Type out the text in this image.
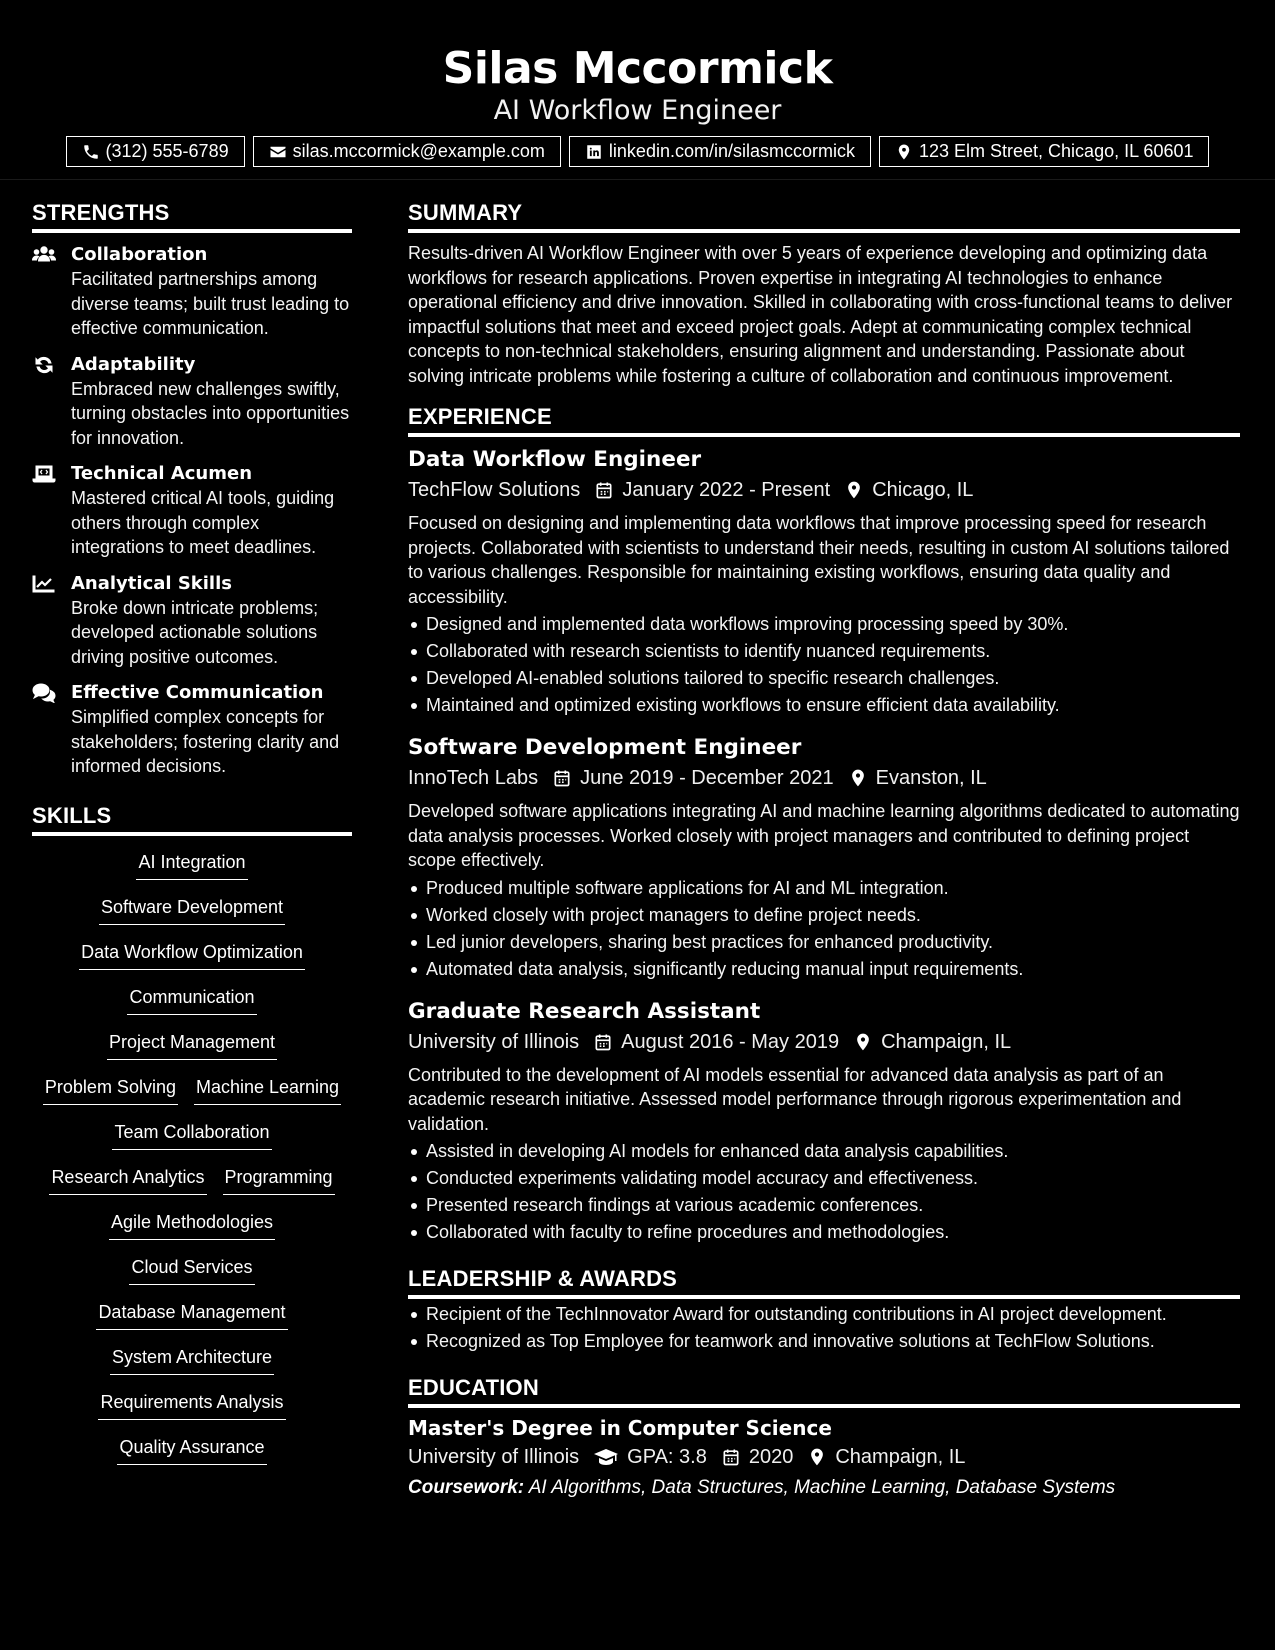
Silas Mccormick
AI Workflow Engineer
(312) 555-6789	silas.mccormick@example.com	linkedin.com/in/silasmccormick	123 Elm Street, Chicago, IL 60601
STRENGTHS
Collaboration
Facilitated partnerships among diverse teams; built trust leading to effective communication.
Adaptability
Embraced new challenges swiftly, turning obstacles into opportunities for innovation.
Technical Acumen
Mastered critical AI tools, guiding others through complex integrations to meet deadlines.
Analytical Skills
Broke down intricate problems; developed actionable solutions driving positive outcomes.
Effective Communication
Simplified complex concepts for stakeholders; fostering clarity and informed decisions.
SKILLS
AI Integration
Software Development
Data Workflow Optimization
Communication
Project Management
Problem Solving Machine Learning
Team Collaboration
Research Analytics Programming
Agile Methodologies
Cloud Services
Database Management
System Architecture
Requirements Analysis
Quality Assurance
SUMMARY
Results-driven AI Workflow Engineer with over 5 years of experience developing and optimizing data workflows for research applications. Proven expertise in integrating AI technologies to enhance operational efficiency and drive innovation. Skilled in collaborating with cross-functional teams to deliver impactful solutions that meet and exceed project goals. Adept at communicating complex technical concepts to non-technical stakeholders, ensuring alignment and understanding. Passionate about solving intricate problems while fostering a culture of collaboration and continuous improvement.
EXPERIENCE
Data Workflow Engineer
TechFlow Solutions January 2022 - Present Chicago, IL
Focused on designing and implementing data workflows that improve processing speed for research projects. Collaborated with scientists to understand their needs, resulting in custom AI solutions tailored to various challenges. Responsible for maintaining existing workflows, ensuring data quality and accessibility.
Designed and implemented data workflows improving processing speed by 30%.
Collaborated with research scientists to identify nuanced requirements.
Developed AI-enabled solutions tailored to specific research challenges.
Maintained and optimized existing workflows to ensure efficient data availability.
Software Development Engineer
InnoTech Labs June 2019 - December 2021 Evanston, IL
Developed software applications integrating AI and machine learning algorithms dedicated to automating data analysis processes. Worked closely with project managers and contributed to defining project scope effectively.
Produced multiple software applications for AI and ML integration.
Worked closely with project managers to define project needs.
Led junior developers, sharing best practices for enhanced productivity.
Automated data analysis, significantly reducing manual input requirements.
Graduate Research Assistant
University of Illinois August 2016 - May 2019 Champaign, IL
Contributed to the development of AI models essential for advanced data analysis as part of an academic research initiative. Assessed model performance through rigorous experimentation and validation.
Assisted in developing AI models for enhanced data analysis capabilities.
Conducted experiments validating model accuracy and effectiveness.
Presented research findings at various academic conferences.
Collaborated with faculty to refine procedures and methodologies.
LEADERSHIP & AWARDS
Recipient of the TechInnovator Award for outstanding contributions in AI project development.
Recognized as Top Employee for teamwork and innovative solutions at TechFlow Solutions.
EDUCATION
Master's Degree in Computer Science
University of Illinois GPA: 3.8 2020 Champaign, IL
Coursework: AI Algorithms, Data Structures, Machine Learning, Database Systems
